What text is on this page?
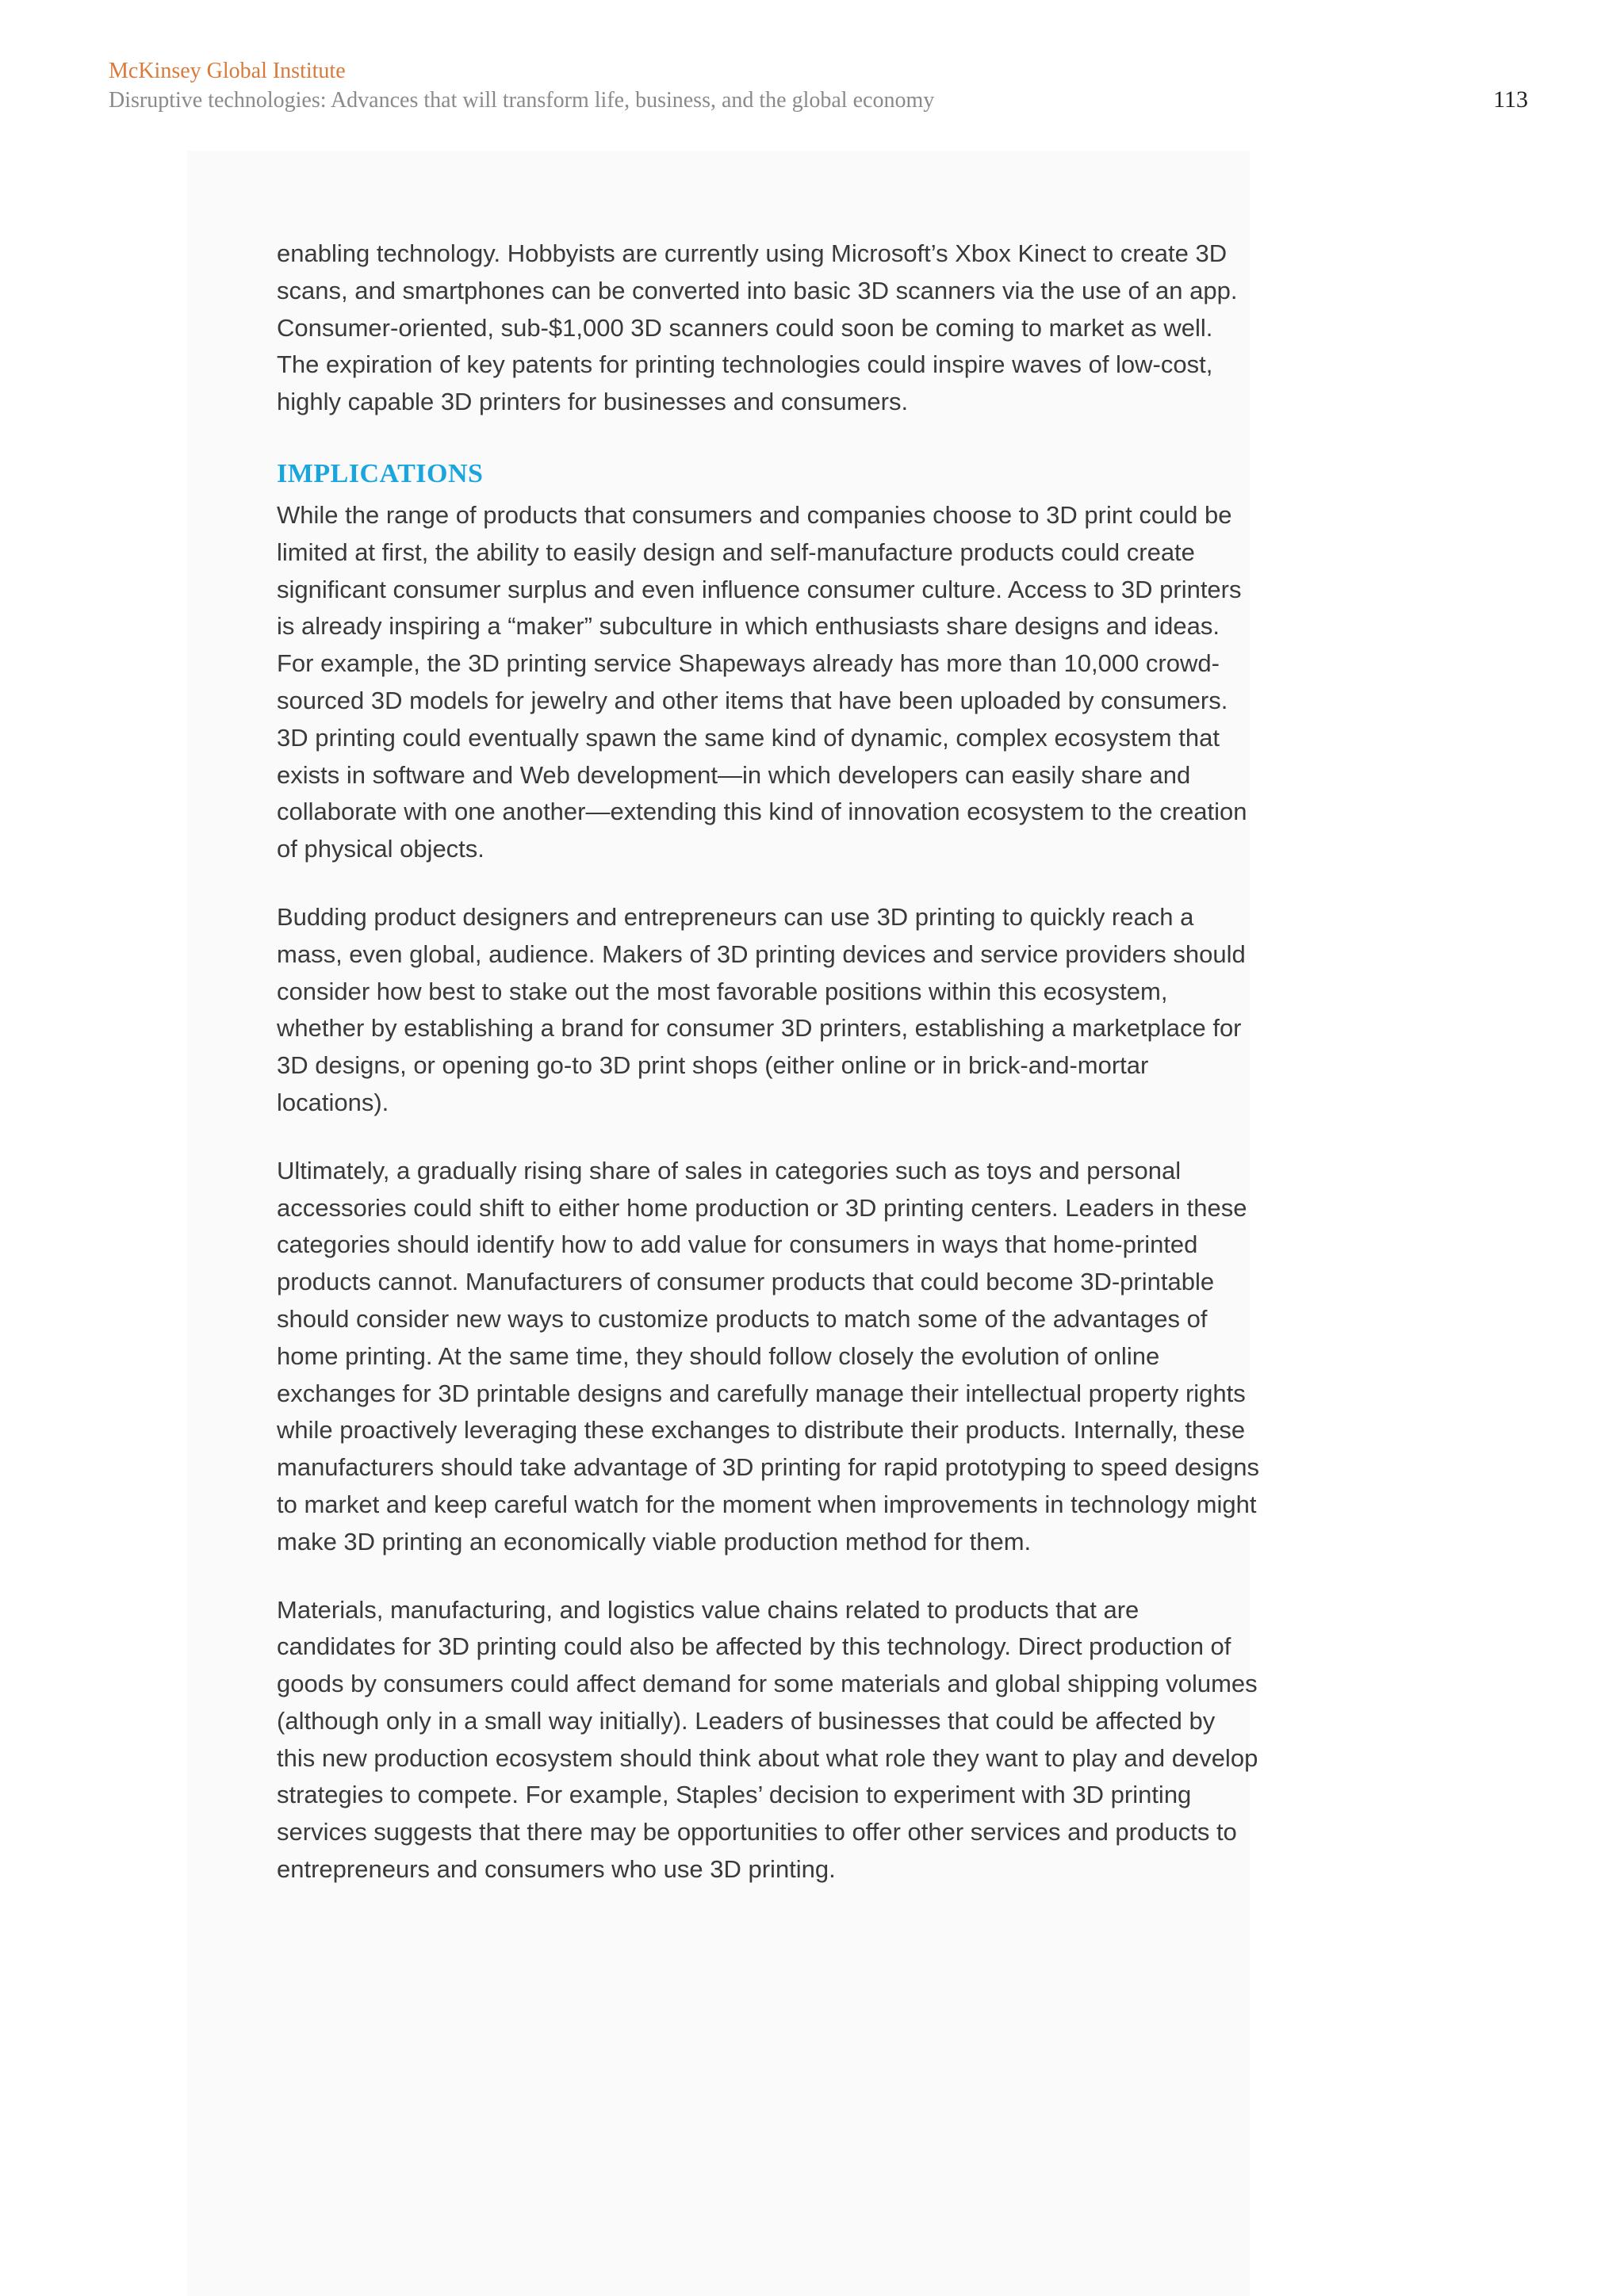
McKinsey Global Institute
Disruptive technologies: Advances that will transform life, business, and the global economy	113

enabling technology. Hobbyists are currently using Microsoft’s Xbox Kinect to create 3D scans, and smartphones can be converted into basic 3D scanners via the use of an app. Consumer-oriented, sub-$1,000 3D scanners could soon be coming to market as well. The expiration of key patents for printing technologies could inspire waves of low-cost, highly capable 3D printers for businesses and consumers.

IMPLICATIONS

While the range of products that consumers and companies choose to 3D print could be limited at first, the ability to easily design and self-manufacture products could create significant consumer surplus and even influence consumer culture. Access to 3D printers is already inspiring a “maker” subculture in which enthusiasts share designs and ideas. For example, the 3D printing service Shapeways already has more than 10,000 crowd-sourced 3D models for jewelry and other items that have been uploaded by consumers. 3D printing could eventually spawn the same kind of dynamic, complex ecosystem that exists in software and Web development—in which developers can easily share and collaborate with one another—extending this kind of innovation ecosystem to the creation of physical objects.

Budding product designers and entrepreneurs can use 3D printing to quickly reach a mass, even global, audience. Makers of 3D printing devices and service providers should consider how best to stake out the most favorable positions within this ecosystem, whether by establishing a brand for consumer 3D printers, establishing a marketplace for 3D designs, or opening go-to 3D print shops (either online or in brick-and-mortar locations).

Ultimately, a gradually rising share of sales in categories such as toys and personal accessories could shift to either home production or 3D printing centers. Leaders in these categories should identify how to add value for consumers in ways that home-printed products cannot. Manufacturers of consumer products that could become 3D-printable should consider new ways to customize products to match some of the advantages of home printing. At the same time, they should follow closely the evolution of online exchanges for 3D printable designs and carefully manage their intellectual property rights while proactively leveraging these exchanges to distribute their products. Internally, these manufacturers should take advantage of 3D printing for rapid prototyping to speed designs to market and keep careful watch for the moment when improvements in technology might make 3D printing an economically viable production method for them.

Materials, manufacturing, and logistics value chains related to products that are candidates for 3D printing could also be affected by this technology. Direct production of goods by consumers could affect demand for some materials and global shipping volumes (although only in a small way initially). Leaders of businesses that could be affected by this new production ecosystem should think about what role they want to play and develop strategies to compete. For example, Staples’ decision to experiment with 3D printing services suggests that there may be opportunities to offer other services and products to entrepreneurs and consumers who use 3D printing.
